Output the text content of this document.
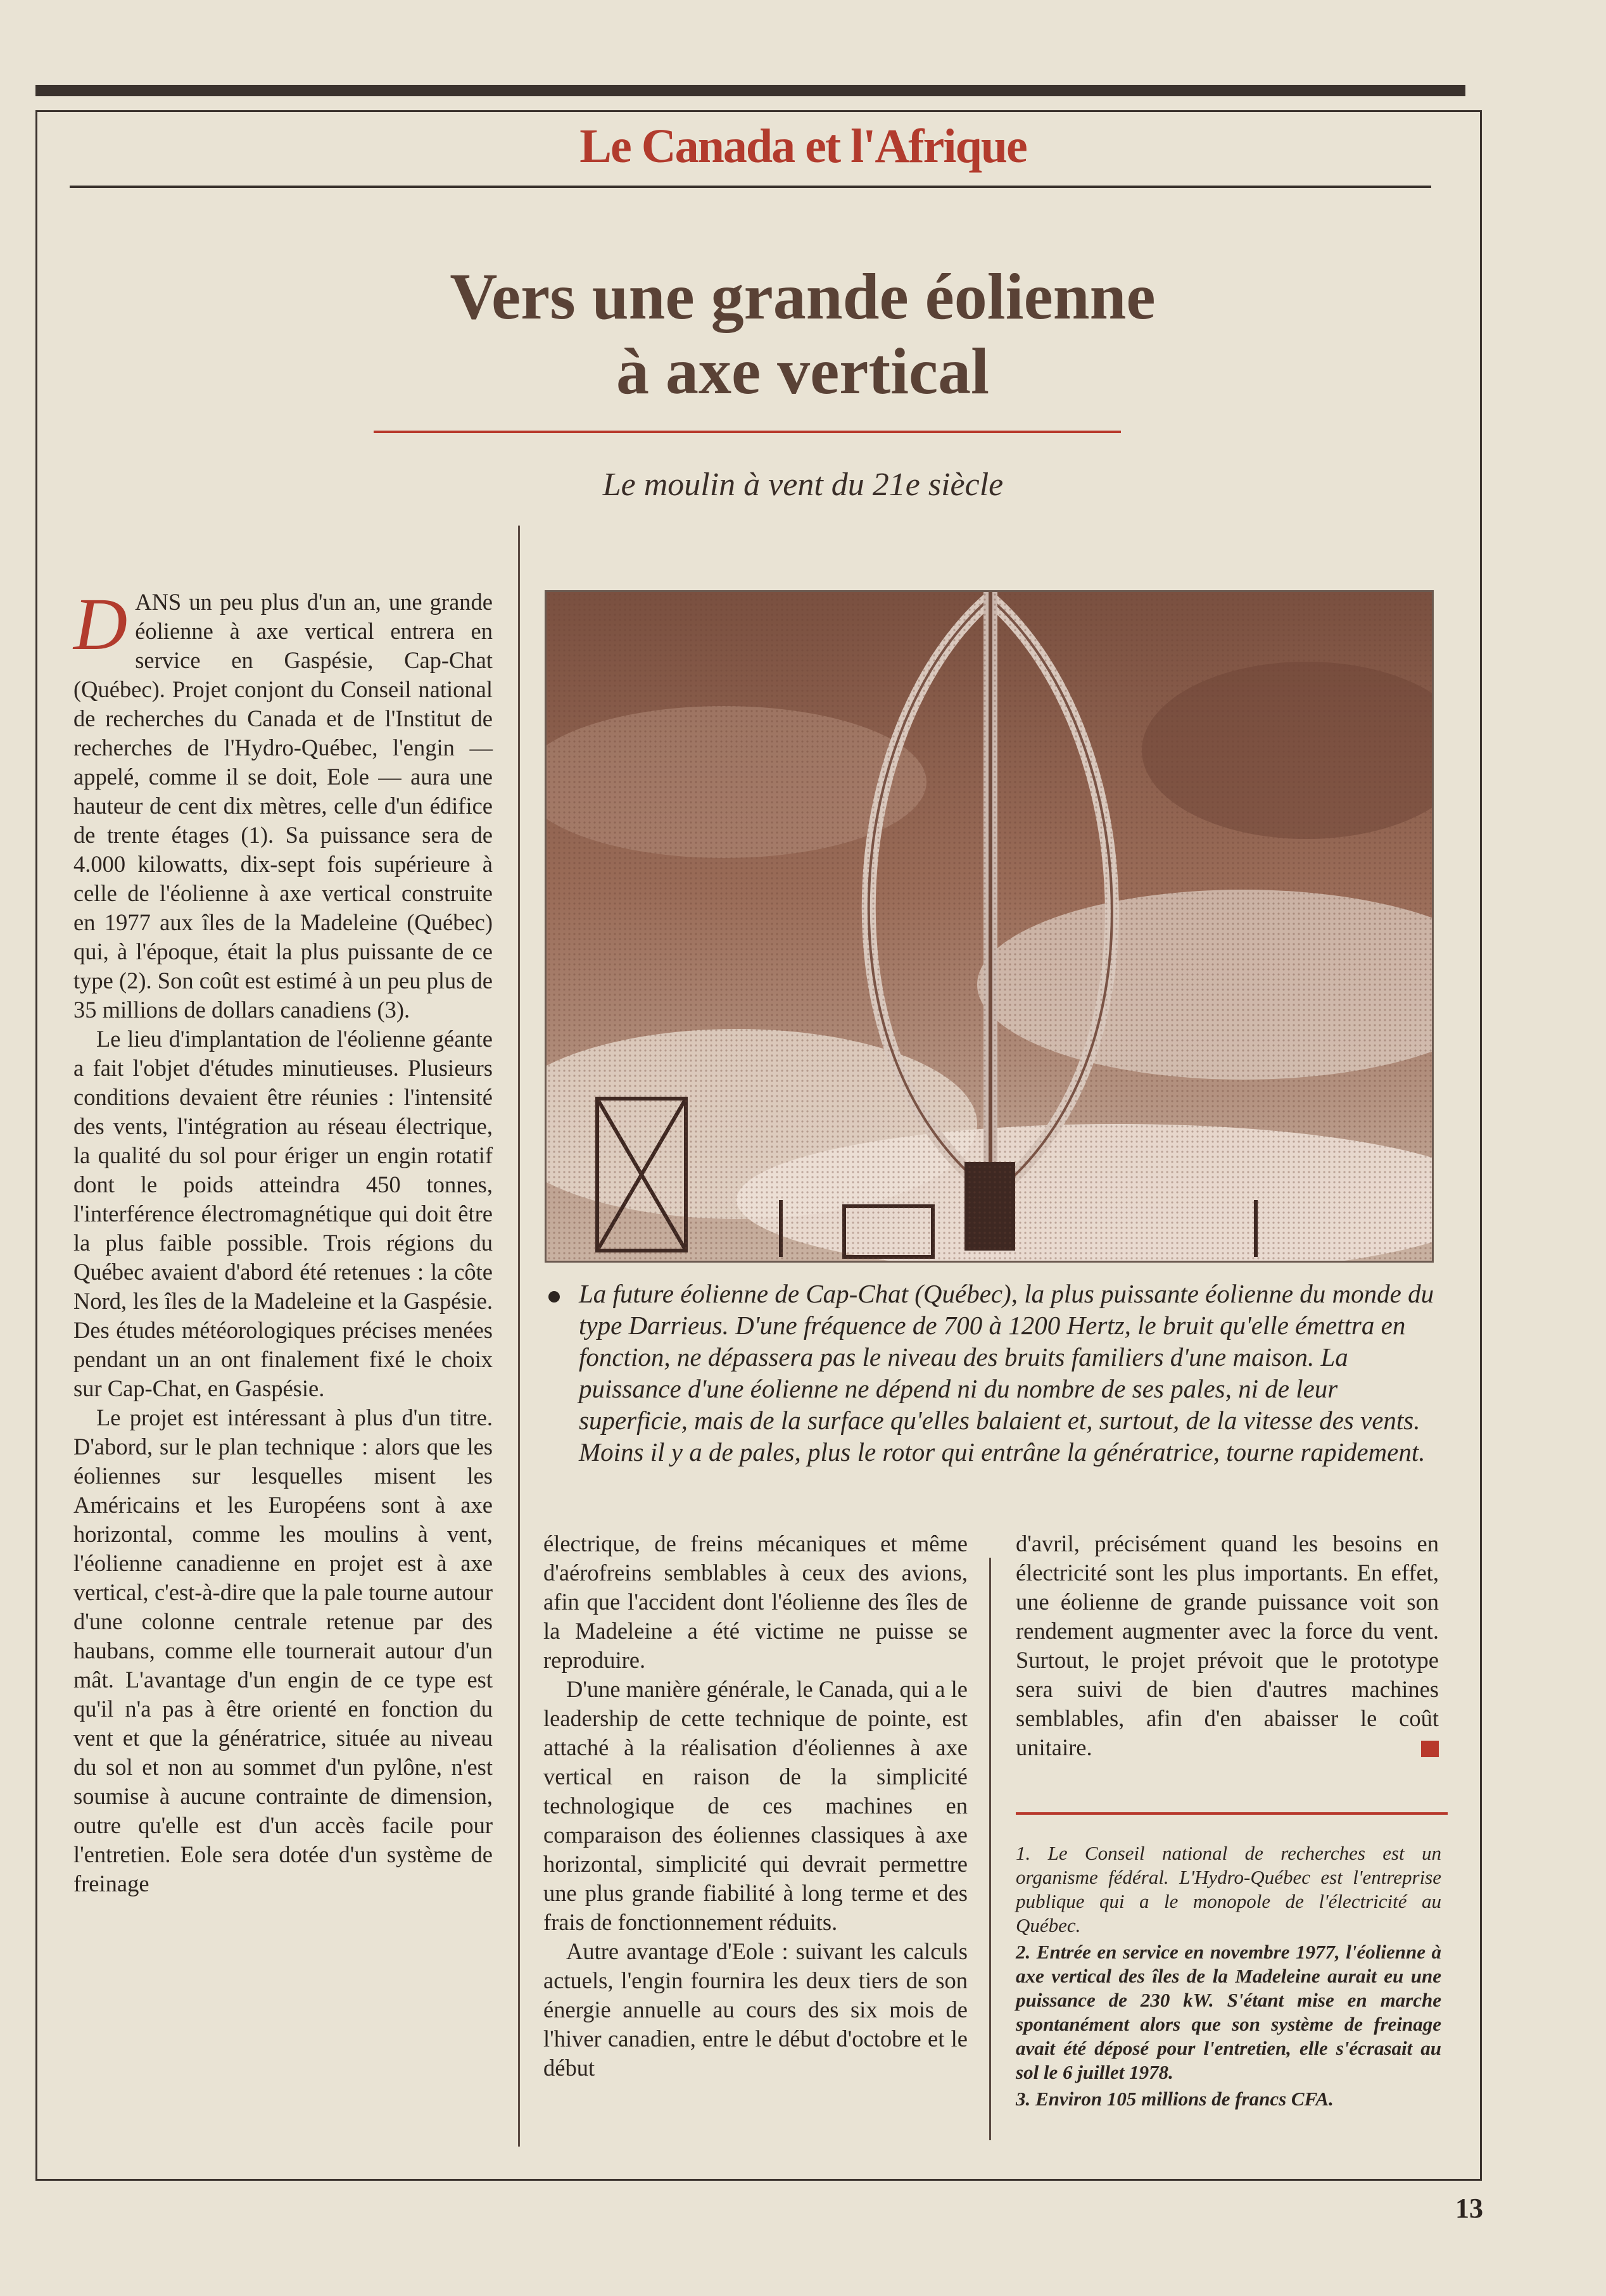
Le Canada et l'Afrique
Vers une grande éolienne
à axe vertical
Le moulin à vent du 21e siècle

D ANS un peu plus d'un an, une grande éolienne à axe vertical entrera en service en Gaspésie, Cap-Chat (Québec). Projet conjont du Conseil national de recherches du Canada et de l'Institut de recherches de l'Hydro-Québec, l'engin — appelé, comme il se doit, Eole — aura une hauteur de cent dix mètres, celle d'un édifice de trente étages (1). Sa puissance sera de 4.000 kilowatts, dix-sept fois supérieure à celle de l'éolienne à axe vertical construite en 1977 aux îles de la Madeleine (Québec) qui, à l'époque, était la plus puissante de ce type (2). Son coût est estimé à un peu plus de 35 millions de dollars canadiens (3).

Le lieu d'implantation de l'éolienne géante a fait l'objet d'études minutieuses. Plusieurs conditions devaient être réunies : l'intensité des vents, l'intégration au réseau électrique, la qualité du sol pour ériger un engin rotatif dont le poids atteindra 450 tonnes, l'interférence électromagnétique qui doit être la plus faible possible. Trois régions du Québec avaient d'abord été retenues : la côte Nord, les îles de la Madeleine et la Gaspésie. Des études météorologiques précises menées pendant un an ont finalement fixé le choix sur Cap-Chat, en Gaspésie.

Le projet est intéressant à plus d'un titre. D'abord, sur le plan technique : alors que les éoliennes sur lesquelles misent les Américains et les Européens sont à axe horizontal, comme les moulins à vent, l'éolienne canadienne en projet est à axe vertical, c'est-à-dire que la pale tourne autour d'une colonne centrale retenue par des haubans, comme elle tournerait autour d'un mât. L'avantage d'un engin de ce type est qu'il n'a pas à être orienté en fonction du vent et que la génératrice, située au niveau du sol et non au sommet d'un pylône, n'est soumise à aucune contrainte de dimension, outre qu'elle est d'un accès facile pour l'entretien. Eole sera dotée d'un système de freinage

La future éolienne de Cap-Chat (Québec), la plus puissante éolienne du monde du type Darrieus. D'une fréquence de 700 à 1200 Hertz, le bruit qu'elle émettra en fonction, ne dépassera pas le niveau des bruits familiers d'une maison. La puissance d'une éolienne ne dépend ni du nombre de ses pales, ni de leur superficie, mais de la surface qu'elles balaient et, surtout, de la vitesse des vents. Moins il y a de pales, plus le rotor qui entrâne la génératrice, tourne rapidement.

électrique, de freins mécaniques et même d'aérofreins semblables à ceux des avions, afin que l'accident dont l'éolienne des îles de la Madeleine a été victime ne puisse se reproduire.

D'une manière générale, le Canada, qui a le leadership de cette technique de pointe, est attaché à la réalisation d'éoliennes à axe vertical en raison de la simplicité technologique de ces machines en comparaison des éoliennes classiques à axe horizontal, simplicité qui devrait permettre une plus grande fiabilité à long terme et des frais de fonctionnement réduits.

Autre avantage d'Eole : suivant les calculs actuels, l'engin fournira les deux tiers de son énergie annuelle au cours des six mois de l'hiver canadien, entre le début d'octobre et le début

d'avril, précisément quand les besoins en électricité sont les plus importants. En effet, une éolienne de grande puissance voit son rendement augmenter avec la force du vent. Surtout, le projet prévoit que le prototype sera suivi de bien d'autres machines semblables, afin d'en abaisser le coût unitaire.

1. Le Conseil national de recherches est un organisme fédéral. L'Hydro-Québec est l'entreprise publique qui a le monopole de l'électricité au Québec.

2. Entrée en service en novembre 1977, l'éolienne à axe vertical des îles de la Madeleine aurait eu une puissance de 230 kW. S'étant mise en marche spontanément alors que son système de freinage avait été déposé pour l'entretien, elle s'écrasait au sol le 6 juillet 1978.

3. Environ 105 millions de francs CFA.

13
